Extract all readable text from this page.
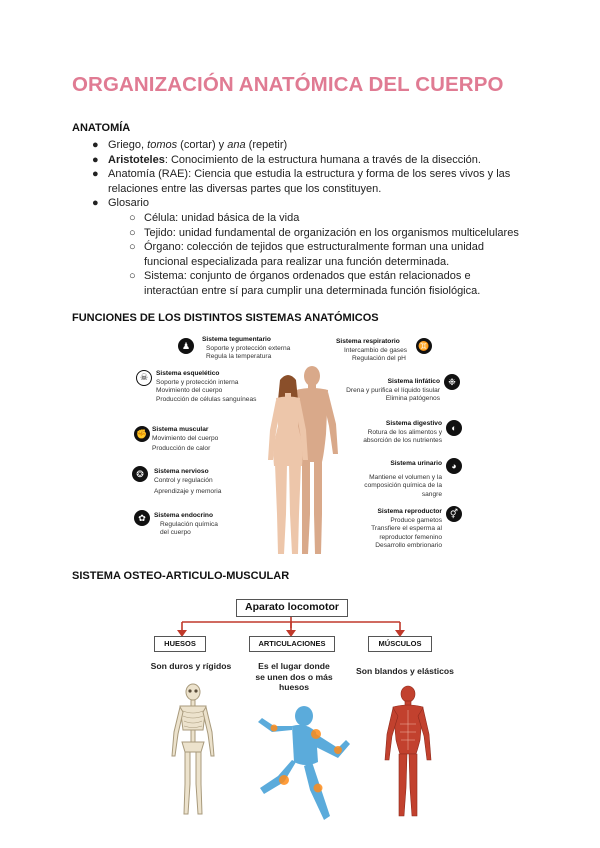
ORGANIZACIÓN ANATÓMICA DEL CUERPO
ANATOMÍA
● Griego, tomos (cortar) y ana (repetir)
● Aristoteles: Conocimiento de la estructura humana a través de la disección.
● Anatomía (RAE): Ciencia que estudia la estructura y forma de los seres vivos y las
relaciones entre las diversas partes que los constituyen.
● Glosario
○ Célula: unidad básica de la vida
○ Tejido: unidad fundamental de organización en los organismos multicelulares
○ Órgano: colección de tejidos que estructuralmente forman una unidad
funcional especializada para realizar una función determinada.
○ Sistema: conjunto de órganos ordenados que están relacionados e
interactúan entre sí para cumplir una determinada función fisiológica.
FUNCIONES DE LOS DISTINTOS SISTEMAS ANATÓMICOS
♟
Sistema tegumentario
Soporte y protección externa
Regula la temperatura
☠	Sistema esquelético
Soporte y protección interna
Movimiento del cuerpo
Producción de células sanguíneas
✊ Sistema muscular
Movimiento del cuerpo
Producción de calor
❂	Sistema nervioso
Control y regulación
Aprendizaje y memoria
✿	Sistema endocrino
Regulación química
del cuerpo
♊
Sistema respiratorio
Intercambio de gases
Regulación del pH
❉
Sistema linfático
Drena y purifica el líquido tisular
Elimina patógenos
◐
Sistema digestivo
Rotura de los alimentos y
absorción de los nutrientes
◕
Sistema urinario
Mantiene el volumen y la
composición química de la
sangre
⚥
Sistema reproductor
Produce gametos
Transfiere el esperma al
reproductor femenino
Desarrollo embrionario
SISTEMA OSTEO-ARTICULO-MUSCULAR
Aparato locomotor
HUESOS	ARTICULACIONES	MÚSCULOS
Son duros y rígidos	Es el lugar donde
se unen dos o más
huesos
Son blandos y elásticos
